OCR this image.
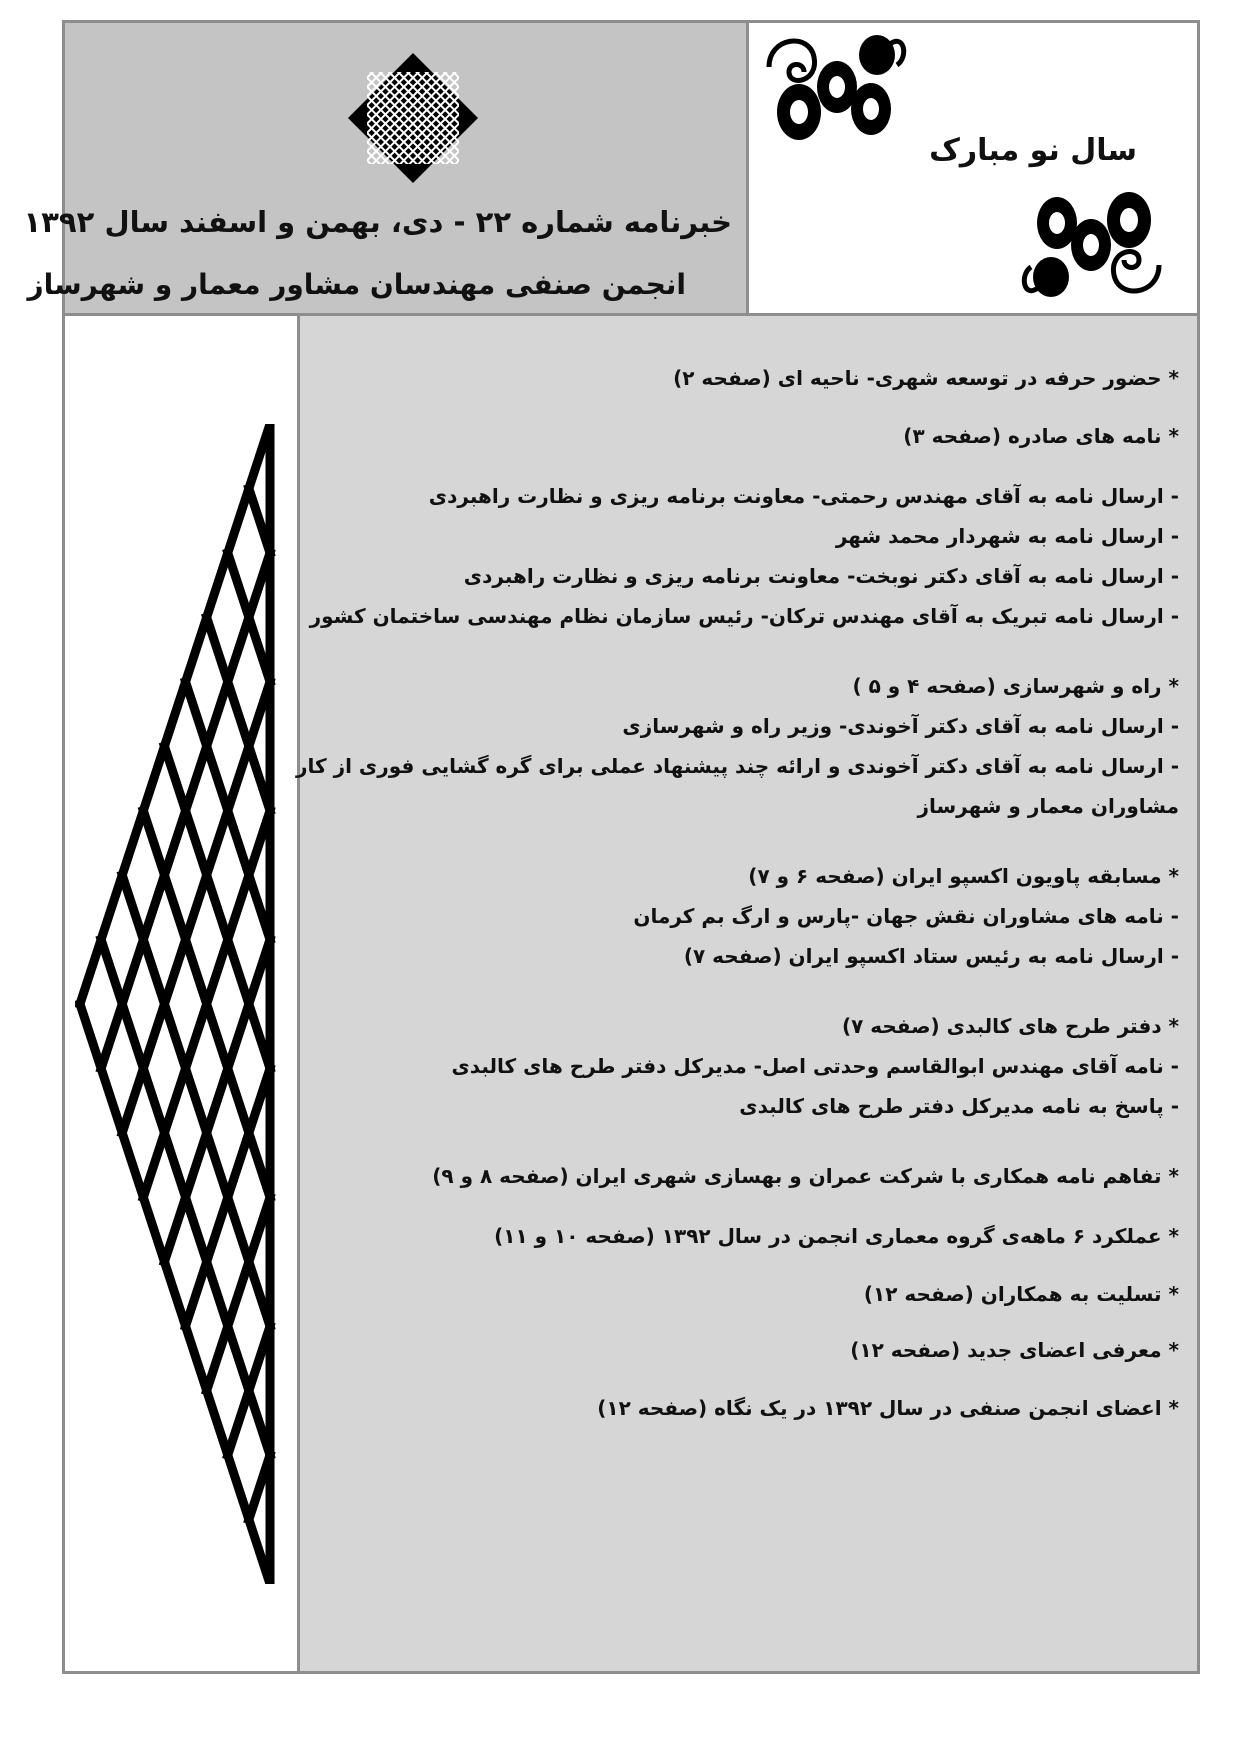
خبرنامه شماره ۲۲ - دی، بهمن و اسفند سال ۱۳۹۲
انجمن صنفی مهندسان مشاور معمار و شهرساز
سال نو مبارک
* حضور حرفه در توسعه شهری- ناحیه ای (صفحه ۲)
* نامه های صادره (صفحه ۳)
- ارسال نامه به آقای مهندس رحمتی- معاونت برنامه ریزی و نظارت راهبردی
- ارسال نامه به شهردار محمد شهر
- ارسال نامه به آقای دکتر نوبخت- معاونت برنامه ریزی و نظارت راهبردی
- ارسال نامه تبریک به آقای مهندس ترکان- رئیس سازمان نظام مهندسی ساختمان کشور
* راه و شهرسازی (صفحه ۴ و ۵ )
- ارسال نامه به آقای دکتر آخوندی- وزیر راه و شهرسازی
- ارسال نامه به آقای دکتر آخوندی و ارائه چند پیشنهاد عملی برای گره گشایی فوری از کار
مشاوران معمار و شهرساز
* مسابقه پاویون اکسپو ایران (صفحه ۶ و ۷)
- نامه های مشاوران نقش جهان -پارس و ارگ بم کرمان
- ارسال نامه به رئیس ستاد اکسپو ایران (صفحه ۷)
* دفتر طرح های کالبدی (صفحه ۷)
- نامه آقای مهندس ابوالقاسم وحدتی اصل- مدیرکل دفتر طرح های کالبدی
- پاسخ به نامه مدیرکل دفتر طرح های کالبدی
* تفاهم نامه همکاری با شرکت عمران و بهسازی شهری ایران (صفحه ۸ و ۹)
* عملکرد ۶ ماهه‌ی گروه معماری انجمن در سال ۱۳۹۲ (صفحه ۱۰ و ۱۱)
* تسلیت به همکاران (صفحه ۱۲)
* معرفی اعضای جدید (صفحه ۱۲)
* اعضای انجمن صنفی در سال ۱۳۹۲ در یک نگاه (صفحه ۱۲)
